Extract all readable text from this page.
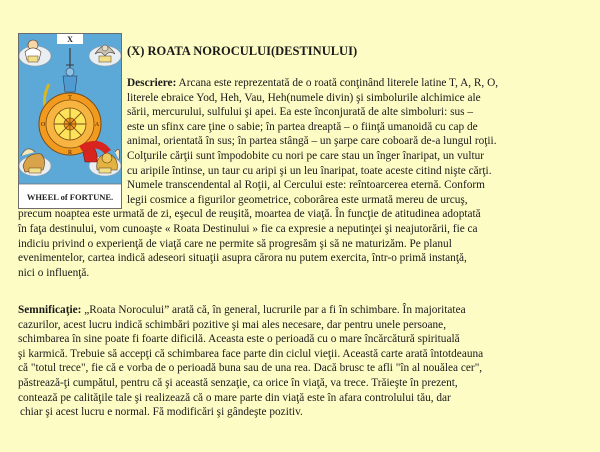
T
A
R
O
X
WHEEL of FORTUNE.
(X) ROATA NOROCULUI(DESTINULUI)
Descriere: Arcana este reprezentată de o roată conţinând literele latine T, A, R, O,
literele ebraice Yod, Heh, Vau, Heh(numele divin) şi simbolurile alchimice ale
sării, mercurului, sulfului şi apei. Ea este înconjurată de alte simboluri: sus –
este un sfinx care ţine o sabie; în partea dreaptă – o fiinţă umanoidă cu cap de
animal, orientată în sus; în partea stângă – un şarpe care coboară de-a lungul roţii.
Colţurile cărţii sunt împodobite cu nori pe care stau un înger înaripat, un vultur
cu aripile întinse, un taur cu aripi şi un leu înaripat, toate aceste citind nişte cărţi.
Numele transcendental al Roţii, al Cercului este: reîntoarcerea eternă. Conform
legii cosmice a figurilor geometrice, coborârea este urmată mereu de urcuş,
precum noaptea este urmată de zi, eşecul de reuşită, moartea de viaţă. În funcţie de atitudinea adoptată
în faţa destinului, vom cunoaşte « Roata Destinului » fie ca expresie a neputinţei şi neajutorării, fie ca
indiciu privind o experienţă de viaţă care ne permite să progresăm şi să ne maturizăm. Pe planul
evenimentelor, cartea indică adeseori situaţii asupra cărora nu putem exercita, într-o primă instanţă,
nici o influenţă.
Semnificaţie: „Roata Norocului” arată că, în general, lucrurile par a fi în schimbare. În majoritatea
cazurilor, acest lucru indică schimbări pozitive şi mai ales necesare, dar pentru unele persoane,
schimbarea în sine poate fi foarte dificilă. Aceasta este o perioadă cu o mare încărcătură spirituală
şi karmică. Trebuie să accepţi că schimbarea face parte din ciclul vieţii. Această carte arată întotdeauna
că "totul trece", fie că e vorba de o perioadă buna sau de una rea. Dacă brusc te afli "în al nouălea cer",
păstrează-ţi cumpătul, pentru că şi această senzaţie, ca orice în viaţă, va trece. Trăieşte în prezent,
contează pe calităţile tale şi realizează că o mare parte din viaţă este în afara controlului tău, dar
chiar şi acest lucru e normal. Fă modificări şi gândeşte pozitiv.
